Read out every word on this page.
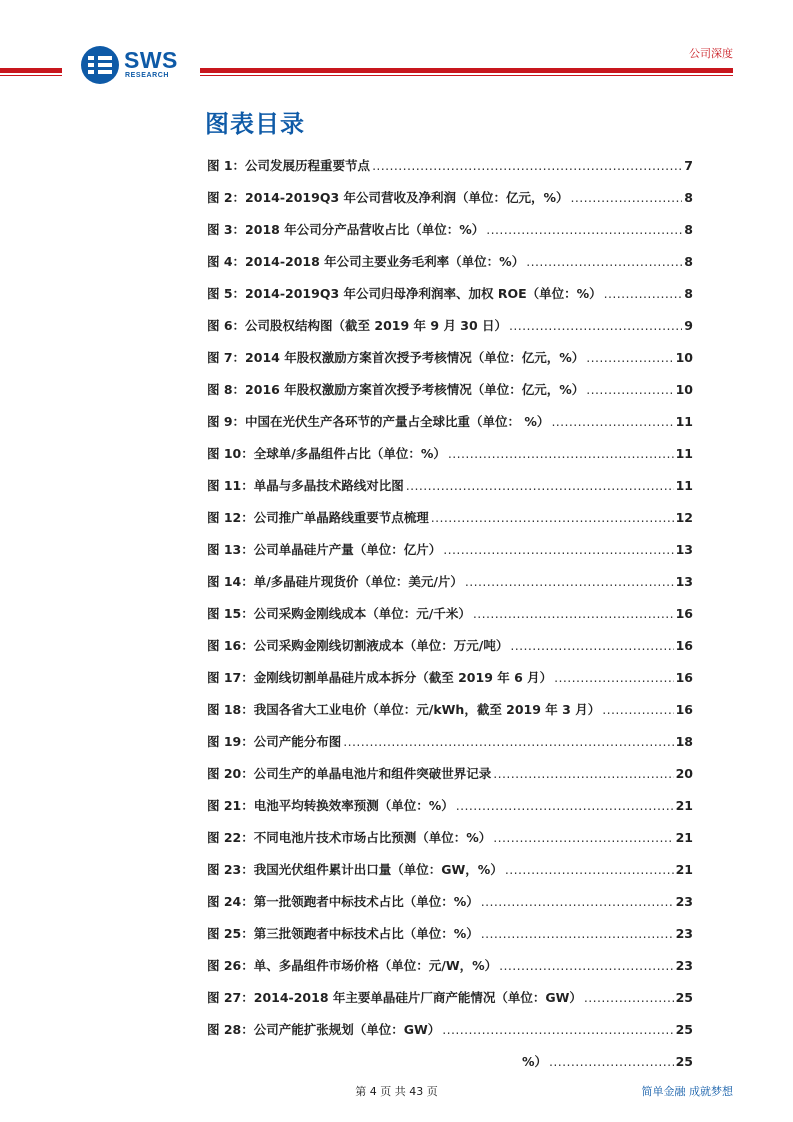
SWS
RESEARCH
公司深度
图表目录
图 1：公司发展历程重要节点 .....	7
图 2：2014-2019Q3 年公司营收及净利润（单位：亿元，%） .....	8
图 3：2018 年公司分产品营收占比（单位：%） .....	8
图 4：2014-2018 年公司主要业务毛利率（单位：%） .....	8
图 5：2014-2019Q3 年公司归母净利润率、加权 ROE（单位：%） .....	8
图 6：公司股权结构图（截至 2019 年 9 月 30 日） .....	9
图 7：2014 年股权激励方案首次授予考核情况（单位：亿元，%） .....	10
图 8：2016 年股权激励方案首次授予考核情况（单位：亿元，%） .....	10
图 9：中国在光伏生产各环节的产量占全球比重（单位： %） .....	11
图 10：全球单/多晶组件占比（单位：%） .....	11
图 11：单晶与多晶技术路线对比图 .....	11
图 12：公司推广单晶路线重要节点梳理 .....	12
图 13：公司单晶硅片产量（单位：亿片） .....	13
图 14：单/多晶硅片现货价（单位：美元/片） .....	13
图 15：公司采购金刚线成本（单位：元/千米） .....	16
图 16：公司采购金刚线切割液成本（单位：万元/吨） .....	16
图 17：金刚线切割单晶硅片成本拆分（截至 2019 年 6 月） .....	16
图 18：我国各省大工业电价（单位：元/kWh，截至 2019 年 3 月） .....	16
图 19：公司产能分布图 .....	18
图 20：公司生产的单晶电池片和组件突破世界记录 .....	20
图 21：电池平均转换效率预测（单位：%） .....	21
图 22：不同电池片技术市场占比预测（单位：%） .....	21
图 23：我国光伏组件累计出口量（单位：GW，%） .....	21
图 24：第一批领跑者中标技术占比（单位：%） .....	23
图 25：第三批领跑者中标技术占比（单位：%） .....	23
图 26：单、多晶组件市场价格（单位：元/W，%） .....	23
图 27：2014-2018 年主要单晶硅片厂商产能情况（单位：GW） .....	25
图 28：公司产能扩张规划（单位：GW） .....	25
%） .....	25
第 4 页 共 43 页	简单金融 成就梦想
